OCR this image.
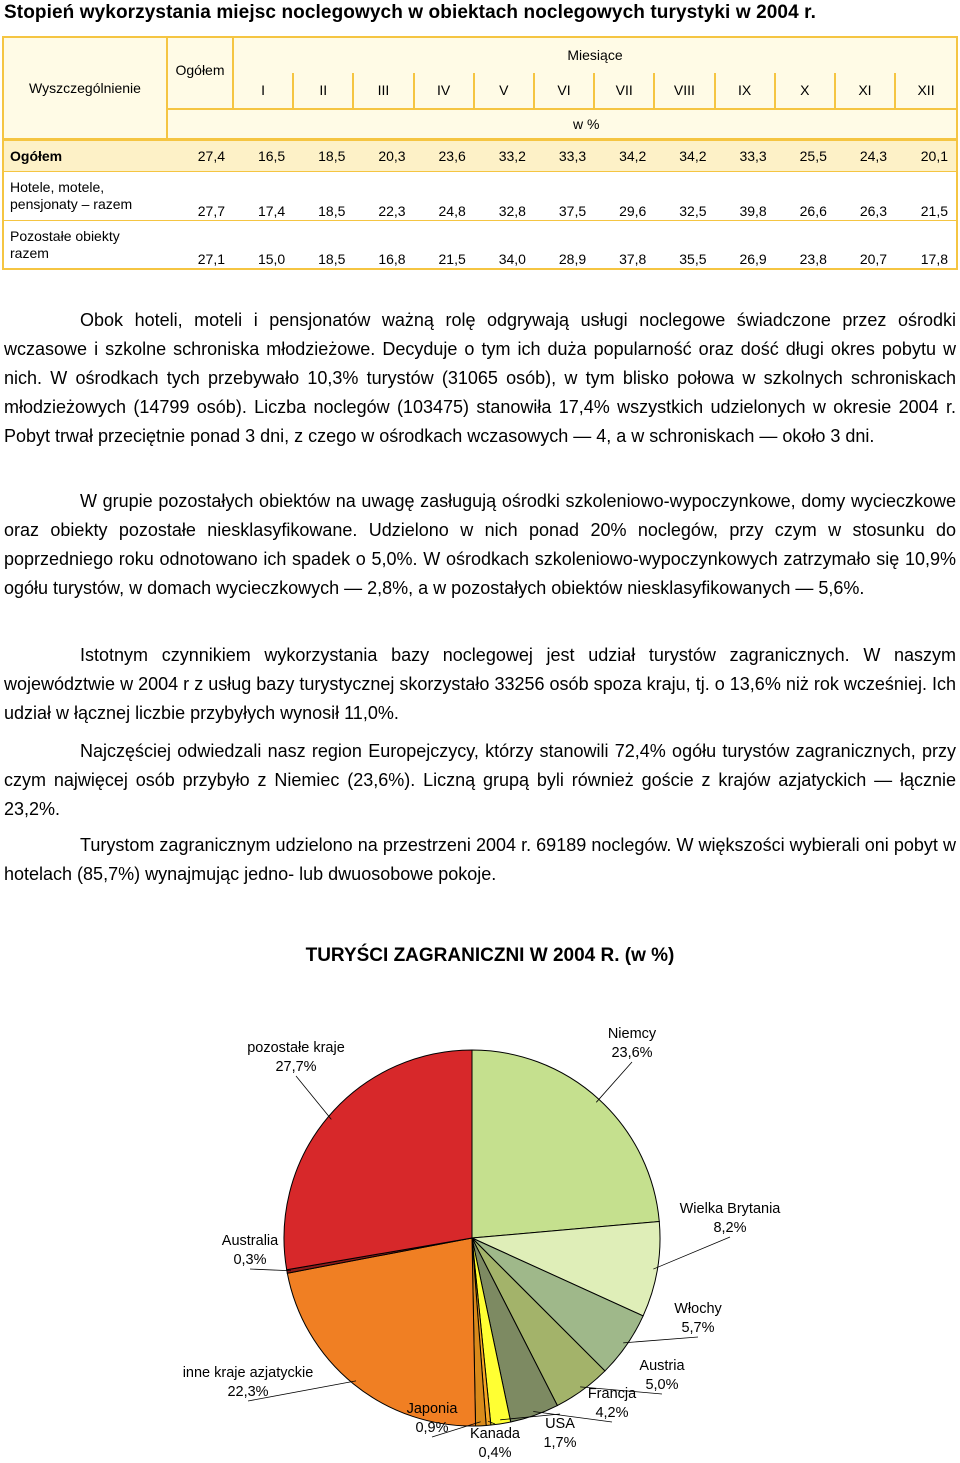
Stopień wykorzystania miejsc noclegowych w obiektach noclegowych turystyki w 2004 r.
Wyszczególnienie	Ogółem	Miesiące											
		I	II	III	IV	V	VI	VII	VIII	IX	X	XI	XII
		w %											

Ogółem	27,4	16,5	18,5	20,3	23,6	33,2	33,3	34,2	34,2	33,3	25,5	24,3	20,1

Hotele, motele,
pensjonaty – razem	27,7	17,4	18,5	22,3	24,8	32,8	37,5	29,6	32,5	39,8	26,6	26,3	21,5

Pozostałe obiekty
razem	27,1	15,0	18,5	16,8	21,5	34,0	28,9	37,8	35,5	26,9	23,8	20,7	17,8

Obok hoteli, moteli i pensjonatów ważną rolę odgrywają usługi noclegowe świadczone przez ośrodki wczasowe i szkolne schroniska młodzieżowe. Decyduje o tym ich duża popularność oraz dość długi okres pobytu w nich. W ośrodkach tych przebywało 10,3% turystów (31065 osób), w tym blisko połowa w szkolnych schroniskach młodzieżowych (14799 osób). Liczba noclegów (103475) stanowiła 17,4% wszystkich udzielonych w okresie 2004 r. Pobyt trwał przeciętnie ponad 3 dni, z czego w ośrodkach wczasowych — 4, a w schroniskach — około 3 dni.

W grupie pozostałych obiektów na uwagę zasługują ośrodki szkoleniowo-wypoczynkowe, domy wycieczkowe oraz obiekty pozostałe niesklasyfikowane. Udzielono w nich ponad 20% noclegów, przy czym w stosunku do poprzedniego roku odnotowano ich spadek o 5,0%. W ośrodkach szkoleniowo-wypoczynkowych zatrzymało się 10,9% ogółu turystów, w domach wycieczkowych — 2,8%, a w pozostałych obiektów niesklasyfikowanych — 5,6%.

Istotnym czynnikiem wykorzystania bazy noclegowej jest udział turystów zagranicznych. W naszym województwie w 2004 r z usług bazy turystycznej skorzystało 33256 osób spoza kraju, tj. o 13,6% niż rok wcześniej. Ich udział w łącznej liczbie przybyłych wynosił 11,0%.

Najczęściej odwiedzali nasz region Europejczycy, którzy stanowili 72,4% ogółu turystów zagranicznych, przy czym najwięcej osób przybyło z Niemiec (23,6%). Liczną grupą byli również goście z krajów azjatyckich — łącznie 23,2%.

Turystom zagranicznym udzielono na przestrzeni 2004 r. 69189 noclegów. W większości wybierali oni pobyt w hotelach (85,7%) wynajmując jedno- lub dwuosobowe pokoje.

TURYŚCI ZAGRANICZNI W 2004 R. (w %)
Niemcy
23,6%
Wielka Brytania
8,2%
Włochy
5,7%
Austria
5,0%
Francja
4,2%
USA
1,7%
Kanada
0,4%
Japonia
0,9%
inne kraje azjatyckie
22,3%
Australia
0,3%
pozostałe kraje
27,7%
